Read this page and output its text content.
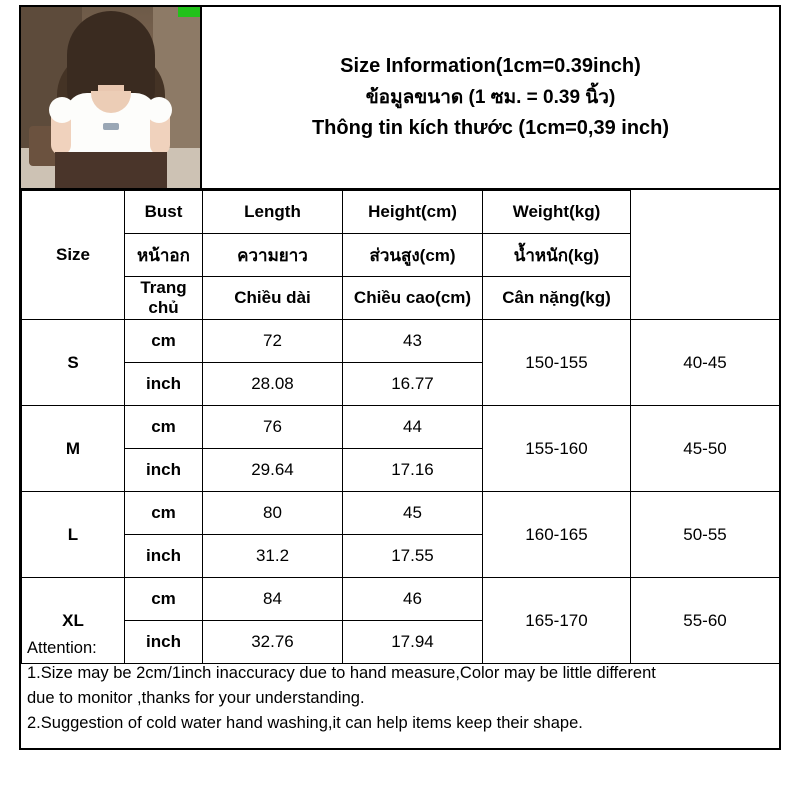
Size Information(1cm=0.39inch)
ข้อมูลขนาด (1 ซม. = 0.39 นิ้ว)
Thông tin kích thước (1cm=0,39 inch)
Size	Bust	Length	Height(cm)	Weight(kg)	
	หน้าอก	ความยาว	ส่วนสูง(cm)	น้ำหนัก(kg)	
	Trang chủ	Chiều dài	Chiều cao(cm)	Cân nặng(kg)	
S	cm	72	43	150-155	40-45
	inch	28.08	16.77		
M	cm	76	44	155-160	45-50
	inch	29.64	17.16		
L	cm	80	45	160-165	50-55
	inch	31.2	17.55		
XL	cm	84	46	165-170	55-60
	inch	32.76	17.94		
Attention:
1.Size may be 2cm/1inch inaccuracy due to hand measure,Color may be little different
due to monitor ,thanks for your understanding.
2.Suggestion of cold water hand washing,it can help items keep their shape.
